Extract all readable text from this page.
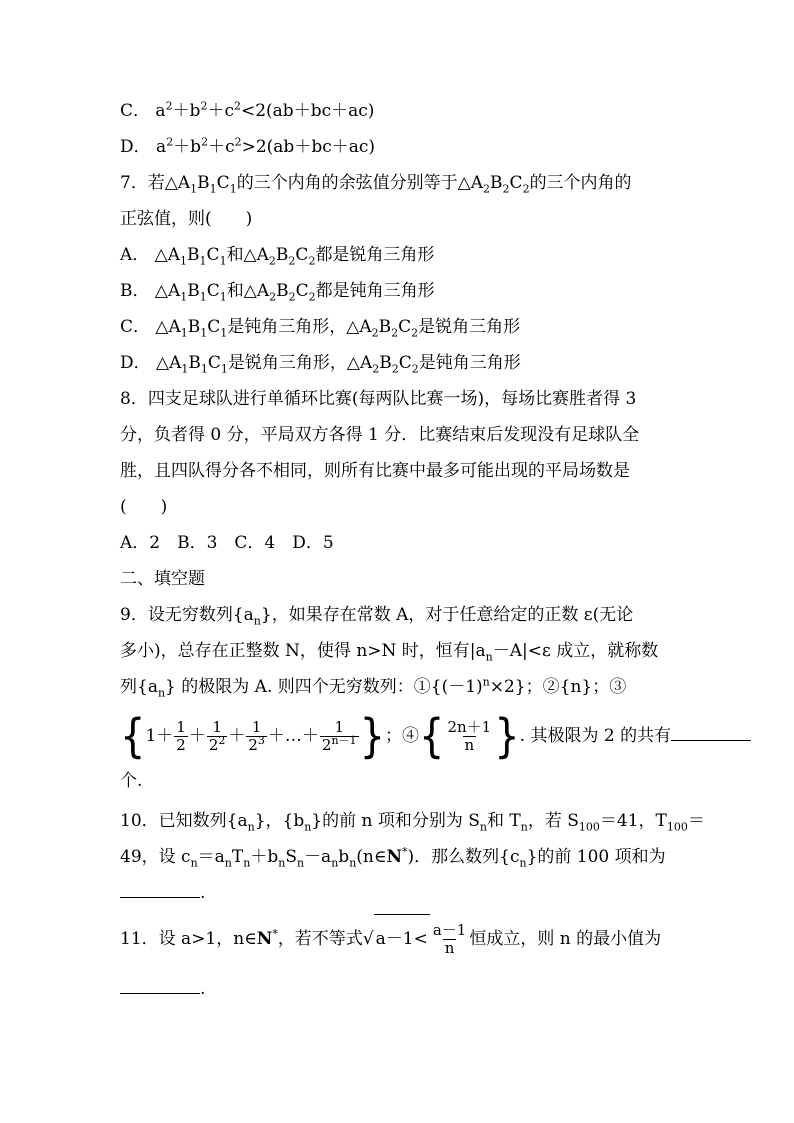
C． $a^2+b^2+c^2<2(ab+bc+ac)$
D． $a^2+b^2+c^2>2(ab+bc+ac)$
7．若$\triangle A_1B_1C_1$的三个内角的余弦值分别等于$\triangle A_2B_2C_2$的三个内角的
正弦值，则(　　)
A． $\triangle A_1B_1C_1$和$\triangle A_2B_2C_2$都是锐角三角形
B． $\triangle A_1B_1C_1$和$\triangle A_2B_2C_2$都是钝角三角形
C． $\triangle A_1B_1C_1$是钝角三角形，$\triangle A_2B_2C_2$是锐角三角形
D． $\triangle A_1B_1C_1$是锐角三角形，$\triangle A_2B_2C_2$是钝角三角形
8．四支足球队进行单循环比赛(每两队比赛一场)，每场比赛胜者得 3
分，负者得 0 分，平局双方各得 1 分．比赛结束后发现没有足球队全
胜，且四队得分各不相同，则所有比赛中最多可能出现的平局场数是
(　　)
A．2　B．3　C．4　D．5
二、填空题
9．设无穷数列$\{a_n\}$，如果存在常数 A，对于任意给定的正数 ε(无论
多小)，总存在正整数 N，使得 n>N 时，恒有$|a_n-A|<\varepsilon$ 成立，就称数
列$\{a_n\}$ 的极限为 A. 则四个无穷数列：$①\{(-1)^n\times 2\}$；②{n}；③
{$1+ \frac{1}{2} + \frac{1}{2^2} + \frac{1}{2^3}$ ＋…＋ $\frac{1}{2^{n-1}}$ }；④{ $\frac{2n+1}{n}$ }. 其极限为 2 的共有
个.
10．已知数列$\{a_n\}$，$\{b_n\}$的前 n 项和分别为 $S_n$和 $T_n$，若 $S_{100}=41$，$T_{100}=$
49，设 $c_n=a_nT_n+b_nS_n-a_nb_n(n\in N^*)$．那么数列$\{c_n\}$的前 100 项和为
.
11．设 a>1，n∈N*，若不等式√ $a-1< \frac{a-1}{n}$ 恒成立，则 n 的最小值为
.
